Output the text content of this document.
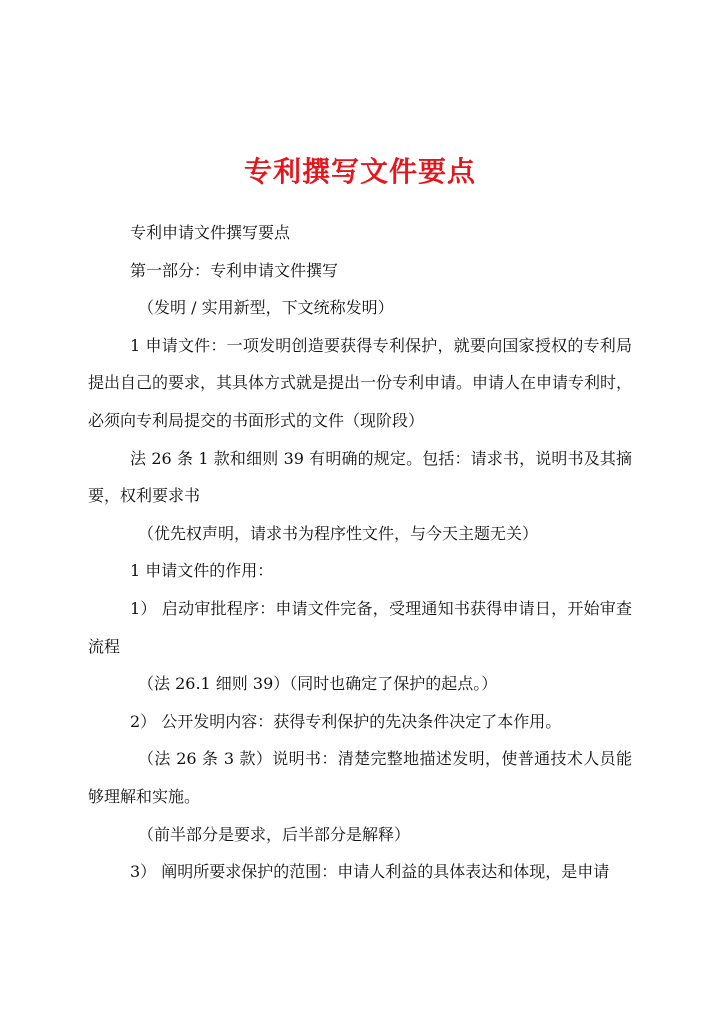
专利撰写文件要点

专利申请文件撰写要点

第一部分：专利申请文件撰写

（发明 / 实用新型，下文统称发明）

1 申请文件：一项发明创造要获得专利保护，就要向国家授权的专利局提出自己的要求，其具体方式就是提出一份专利申请。申请人在申请专利时，必须向专利局提交的书面形式的文件（现阶段）

法 26 条 1 款和细则 39 有明确的规定。包括：请求书，说明书及其摘要，权利要求书

（优先权声明，请求书为程序性文件，与今天主题无关）

1 申请文件的作用：

1） 启动审批程序：申请文件完备，受理通知书获得申请日，开始审查流程

（法 26.1 细则 39）（同时也确定了保护的起点。）

2） 公开发明内容：获得专利保护的先决条件决定了本作用。

（法 26 条 3 款）说明书：清楚完整地描述发明，使普通技术人员能够理解和实施。

（前半部分是要求，后半部分是解释）

3） 阐明所要求保护的范围：申请人利益的具体表达和体现，是申请
